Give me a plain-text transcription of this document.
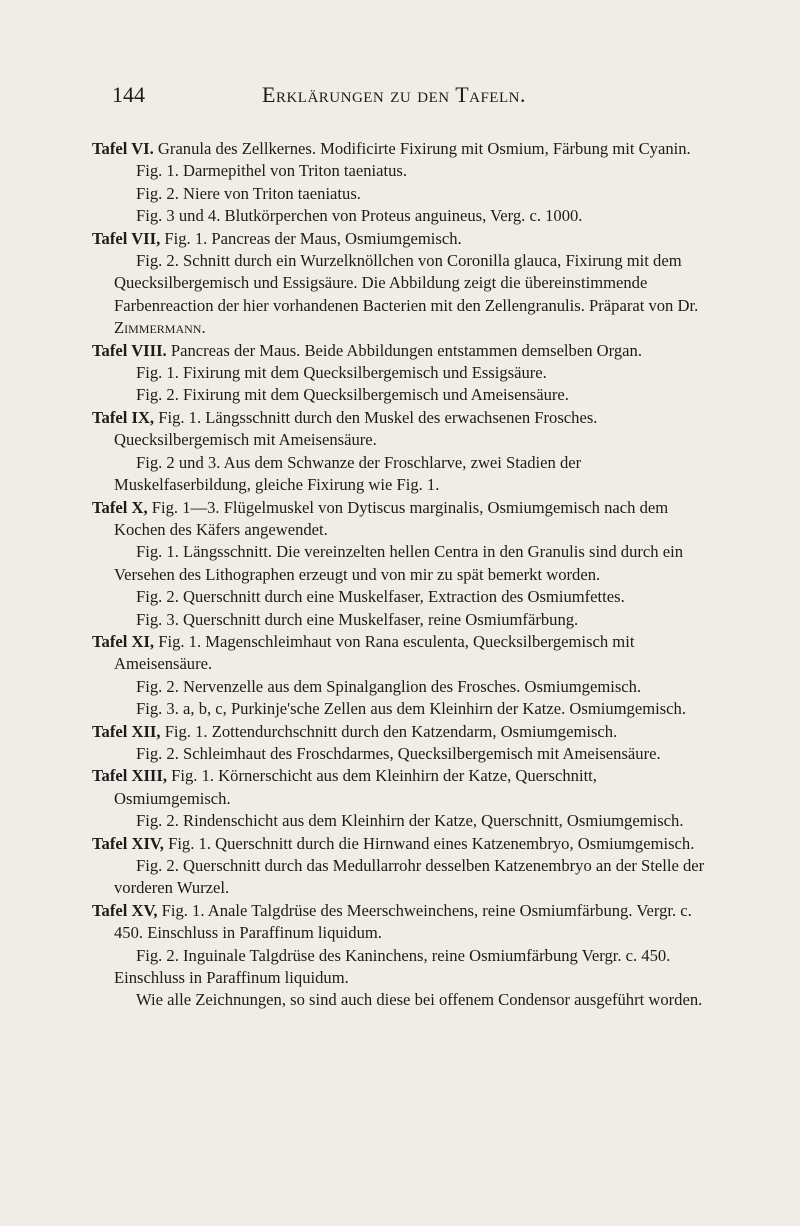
144	Erklärungen zu den Tafeln.

Tafel VI. Granula des Zellkernes. Modificirte Fixirung mit Osmium, Färbung mit Cyanin.

Fig. 1. Darmepithel von Triton taeniatus.

Fig. 2. Niere von Triton taeniatus.

Fig. 3 und 4. Blutkörperchen von Proteus anguineus, Verg. c. 1000.

Tafel VII, Fig. 1. Pancreas der Maus, Osmiumgemisch.

Fig. 2. Schnitt durch ein Wurzelknöllchen von Coronilla glauca, Fixirung mit dem Quecksilbergemisch und Essigsäure. Die Abbildung zeigt die übereinstimmende Farbenreaction der hier vorhandenen Bacterien mit den Zellengranulis. Präparat von Dr. Zimmermann.

Tafel VIII. Pancreas der Maus. Beide Abbildungen entstammen demselben Organ.

Fig. 1. Fixirung mit dem Quecksilbergemisch und Essigsäure.

Fig. 2. Fixirung mit dem Quecksilbergemisch und Ameisensäure.

Tafel IX, Fig. 1. Längsschnitt durch den Muskel des erwachsenen Frosches. Quecksilbergemisch mit Ameisensäure.

Fig. 2 und 3. Aus dem Schwanze der Froschlarve, zwei Stadien der Muskelfaserbildung, gleiche Fixirung wie Fig. 1.

Tafel X, Fig. 1—3. Flügelmuskel von Dytiscus marginalis, Osmiumgemisch nach dem Kochen des Käfers angewendet.

Fig. 1. Längsschnitt. Die vereinzelten hellen Centra in den Granulis sind durch ein Versehen des Lithographen erzeugt und von mir zu spät bemerkt worden.

Fig. 2. Querschnitt durch eine Muskelfaser, Extraction des Osmiumfettes.

Fig. 3. Querschnitt durch eine Muskelfaser, reine Osmiumfärbung.

Tafel XI, Fig. 1. Magenschleimhaut von Rana esculenta, Quecksilbergemisch mit Ameisensäure.

Fig. 2. Nervenzelle aus dem Spinalganglion des Frosches. Osmiumgemisch.

Fig. 3. a, b, c, Purkinje'sche Zellen aus dem Kleinhirn der Katze. Osmiumgemisch.

Tafel XII, Fig. 1. Zottendurchschnitt durch den Katzendarm, Osmiumgemisch.

Fig. 2. Schleimhaut des Froschdarmes, Quecksilbergemisch mit Ameisensäure.

Tafel XIII, Fig. 1. Körnerschicht aus dem Kleinhirn der Katze, Querschnitt, Osmiumgemisch.

Fig. 2. Rindenschicht aus dem Kleinhirn der Katze, Querschnitt, Osmiumgemisch.

Tafel XIV, Fig. 1. Querschnitt durch die Hirnwand eines Katzenembryo, Osmiumgemisch.

Fig. 2. Querschnitt durch das Medullarrohr desselben Katzenembryo an der Stelle der vorderen Wurzel.

Tafel XV, Fig. 1. Anale Talgdrüse des Meerschweinchens, reine Osmiumfärbung. Vergr. c. 450. Einschluss in Paraffinum liquidum.

Fig. 2. Inguinale Talgdrüse des Kaninchens, reine Osmiumfärbung Vergr. c. 450. Einschluss in Paraffinum liquidum.

Wie alle Zeichnungen, so sind auch diese bei offenem Condensor ausgeführt worden.
